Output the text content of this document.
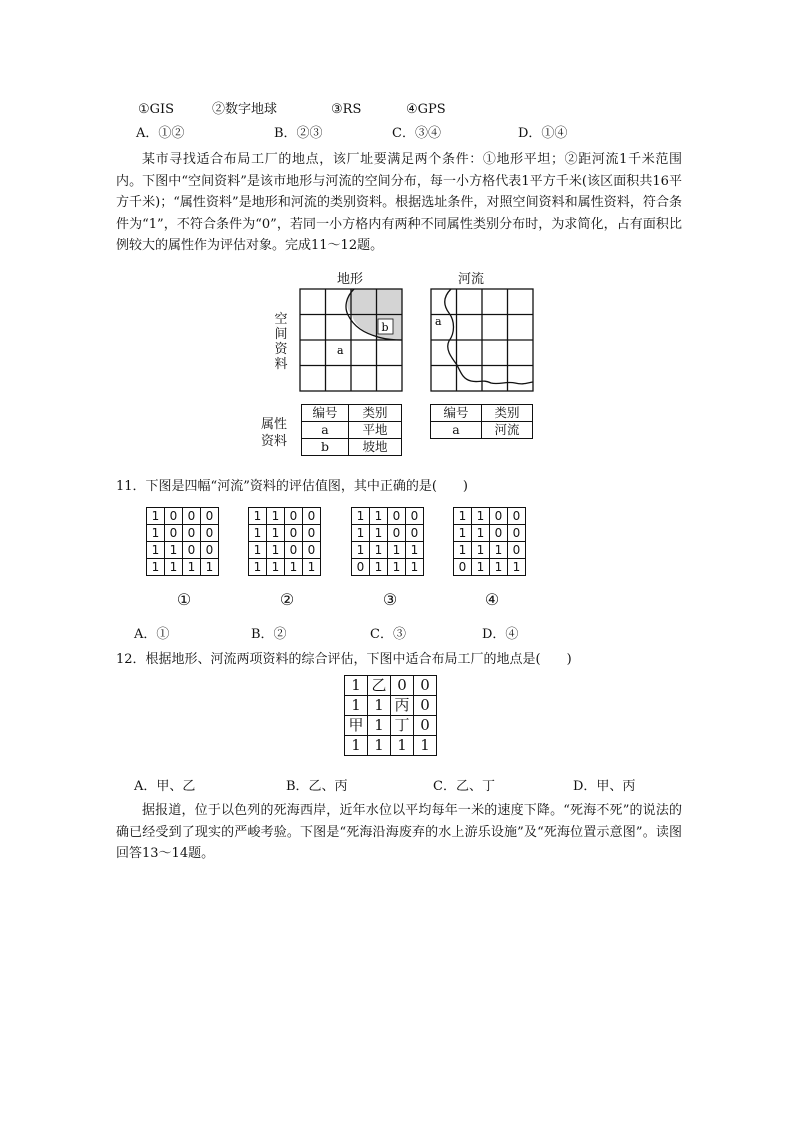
①GIS	②数字地球	③RS	④GPS
A．①②	B．②③	C．③④	D．①④
某市寻找适合布局工厂的地点，该厂址要满足两个条件：①地形平坦；②距河流1千米范围内。下图中“空间资料”是该市地形与河流的空间分布，每一小方格代表1平方千米(该区面积共16平方千米)；“属性资料”是地形和河流的类别资料。根据选址条件，对照空间资料和属性资料，符合条件为“1”，不符合条件为“0”，若同一小方格内有两种不同属性类别分布时，为求简化，占有面积比例较大的属性作为评估对象。完成11～12题。
地形	河流
空间资料
b
a
a
属性
资料
编号	类别
a	平地
b	坡地
编号	类别
a	河流
11．下图是四幅“河流”资料的评估值图，其中正确的是(　　)
1	0	0	0
1	0	0	0
1	1	0	0
1	1	1	1
1	1	0	0
1	1	0	0
1	1	0	0
1	1	1	1
1	1	0	0
1	1	0	0
1	1	1	1
0	1	1	1
1	1	0	0
1	1	0	0
1	1	1	0
0	1	1	1
①	②	③	④
A．①	B．②	C．③	D．④
12．根据地形、河流两项资料的综合评估，下图中适合布局工厂的地点是(　　)
1	乙	0	0
1	1	丙	0
甲	1	丁	0
1	1	1	1
A．甲、乙	B．乙、丙	C．乙、丁	D．甲、丙
据报道，位于以色列的死海西岸，近年水位以平均每年一米的速度下降。“死海不死”的说法的确已经受到了现实的严峻考验。下图是“死海沿海废弃的水上游乐设施”及“死海位置示意图”。读图回答13～14题。
